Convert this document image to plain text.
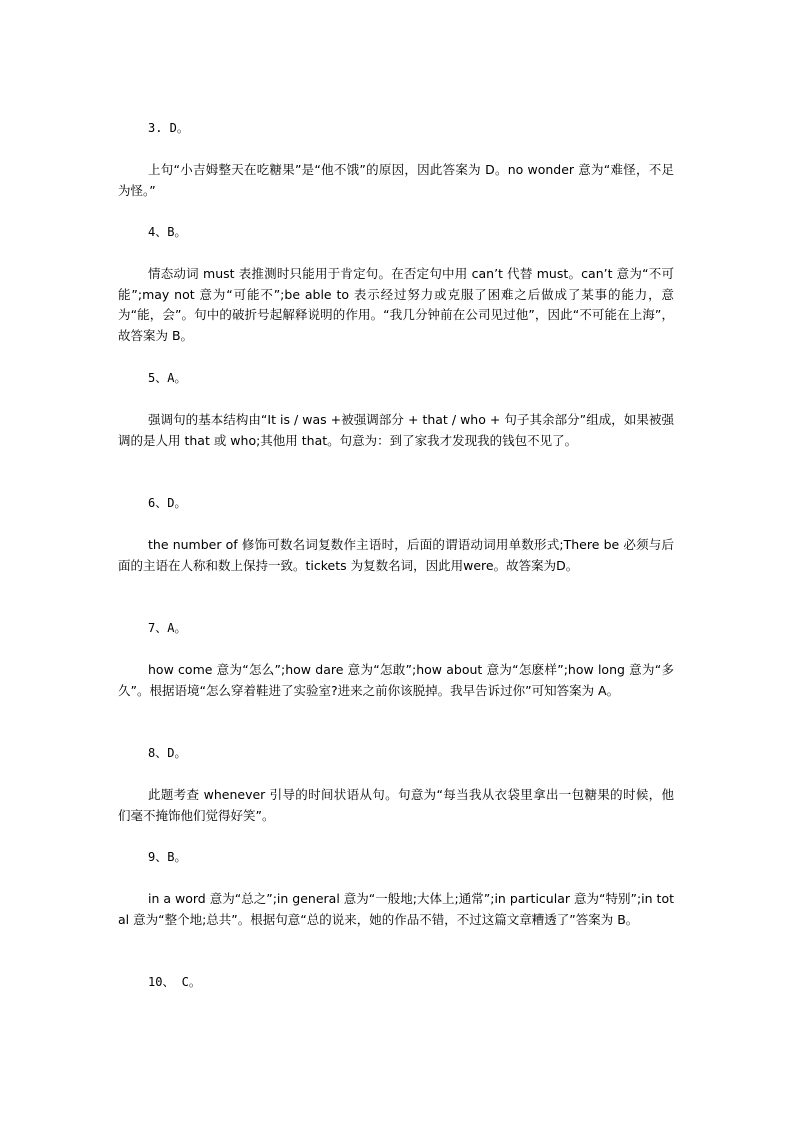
3. D。
上句“小吉姆整天在吃糖果”是“他不饿”的原因，因此答案为 D。no wonder 意为“难怪，不足为怪。”
4、B。
情态动词 must 表推测时只能用于肯定句。在否定句中用 can’t 代替 must。can’t 意为“不可能”;may not 意为“可能不”;be able to 表示经过努力或克服了困难之后做成了某事的能力，意为“能，会”。句中的破折号起解释说明的作用。“我几分钟前在公司见过他”，因此“不可能在上海”，故答案为 B。
5、A。
强调句的基本结构由“It is / was +被强调部分 + that / who + 句子其余部分”组成，如果被强调的是人用 that 或 who;其他用 that。句意为：到了家我才发现我的钱包不见了。
6、D。
the number of 修饰可数名词复数作主语时，后面的谓语动词用单数形式;There be 必须与后面的主语在人称和数上保持一致。tickets 为复数名词，因此用were。故答案为D。
7、A。
how come 意为“怎么”;how dare 意为“怎敢”;how about 意为“怎麽样”;how long 意为“多久”。根据语境“怎么穿着鞋进了实验室?进来之前你该脱掉。我早告诉过你”可知答案为 A。
8、D。
此题考查 whenever 引导的时间状语从句。句意为“每当我从衣袋里拿出一包糖果的时候，他们毫不掩饰他们觉得好笑”。
9、B。
in a word 意为“总之”;in general 意为“一般地;大体上;通常”;in particular 意为“特别”;in total 意为“整个地;总共”。根据句意“总的说来，她的作品不错，不过这篇文章糟透了”答案为 B。
10、 C。
